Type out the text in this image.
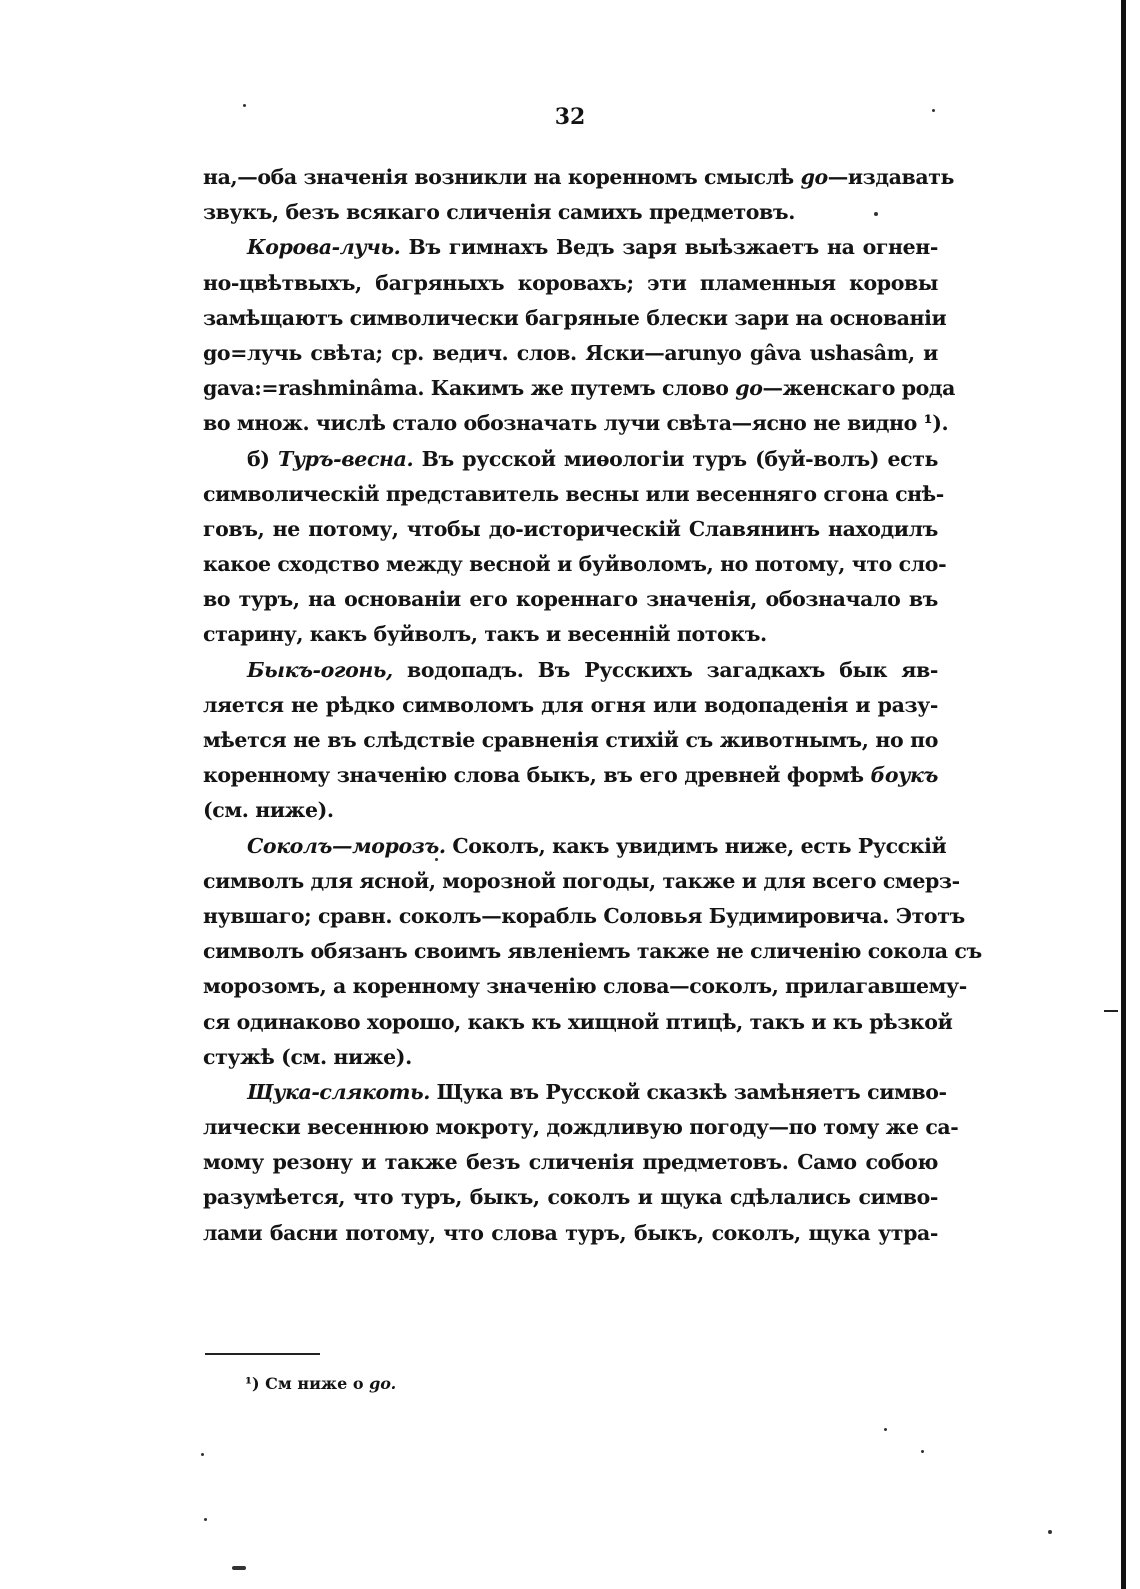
32
на,—оба значенія возникли на коренномъ смыслѣ go—издавать
звукъ, безъ всякаго сличенія самихъ предметовъ.
Корова-лучь. Въ гимнахъ Ведъ заря выѣзжаетъ на огнен-
но-цвѣтвыхъ, багряныхъ коровахъ; эти пламенныя коровы
замѣщаютъ символически багряные блески зари на основаніи
go=лучь свѣта; ср. ведич. слов. Яски—arunyo gâva ushasâm, и
gava:=rashminâma. Какимъ же путемъ слово go—женскаго рода
во множ. числѣ стало обозначать лучи свѣта—ясно не видно ¹).
б) Туръ-весна. Въ русской миѳологіи туръ (буй-волъ) есть
символическій представитель весны или весенняго сгона снѣ-
говъ, не потому, чтобы до-историческій Славянинъ находилъ
какое сходство между весной и буйволомъ, но потому, что сло-
во туръ, на основаніи его кореннаго значенія, обозначало въ
старину, какъ буйволъ, такъ и весенній потокъ.
Быкъ-огонь, водопадъ. Въ Русскихъ загадкахъ бык яв-
ляется не рѣдко символомъ для огня или водопаденія и разу-
мѣется не въ слѣдствіе сравненія стихій съ животнымъ, но по
коренному значенію слова быкъ, въ его древней формѣ боукъ
(см. ниже).
Соколъ—морозъ. Соколъ, какъ увидимъ ниже, есть Русскій
символъ для ясной, морозной погоды, также и для всего смерз-
нувшаго; сравн. соколъ—корабль Соловья Будимировича. Этотъ
символъ обязанъ своимъ явленіемъ также не сличенію сокола съ
морозомъ, а коренному значенію слова—соколъ, прилагавшему-
ся одинаково хорошо, какъ къ хищной птицѣ, такъ и къ рѣзкой
стужѣ (см. ниже).
Щука-слякоть. Щука въ Русской сказкѣ замѣняетъ симво-
лически весеннюю мокроту, дождливую погоду—по тому же са-
мому резону и также безъ сличенія предметовъ. Само собою
разумѣется, что туръ, быкъ, соколъ и щука сдѣлались симво-
лами басни потому, что слова туръ, быкъ, соколъ, щука утра-
¹) См ниже о go.
